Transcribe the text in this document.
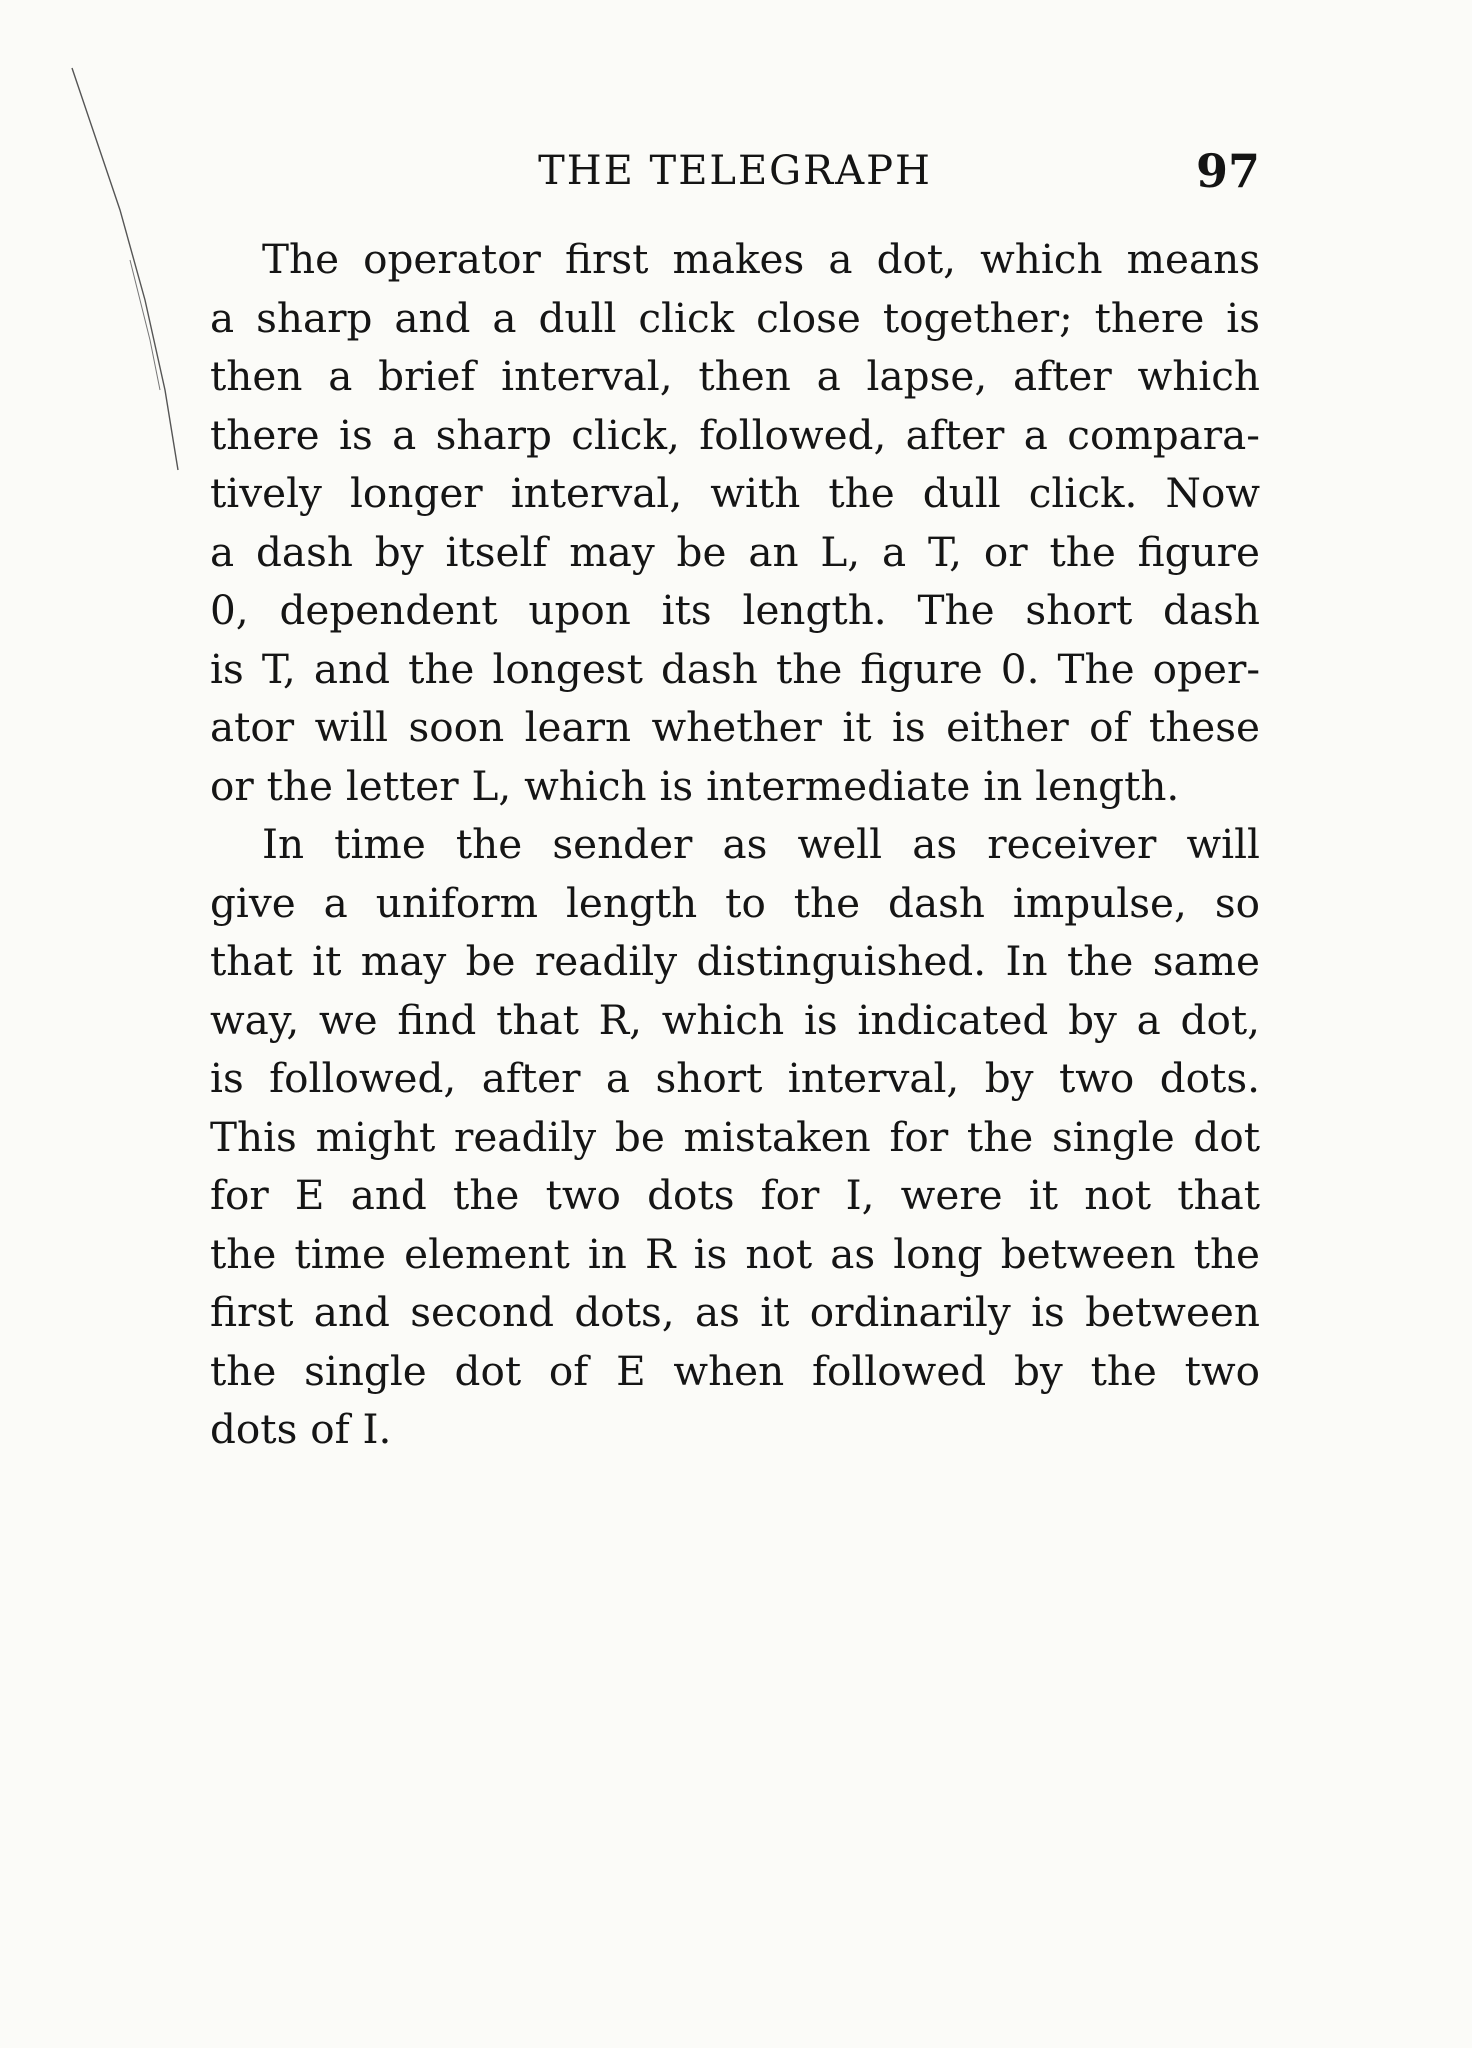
THE TELEGRAPH	97

The operator first makes a dot, which means
a sharp and a dull click close together; there is
then a brief interval, then a lapse, after which
there is a sharp click, followed, after a compara-
tively longer interval, with the dull click. Now
a dash by itself may be an L, a T, or the figure
0, dependent upon its length. The short dash
is T, and the longest dash the figure 0. The oper-
ator will soon learn whether it is either of these
or the letter L, which is intermediate in length.

In time the sender as well as receiver will
give a uniform length to the dash impulse, so
that it may be readily distinguished. In the same
way, we find that R, which is indicated by a dot,
is followed, after a short interval, by two dots.
This might readily be mistaken for the single dot
for E and the two dots for I, were it not that
the time element in R is not as long between the
first and second dots, as it ordinarily is between
the single dot of E when followed by the two
dots of I.
